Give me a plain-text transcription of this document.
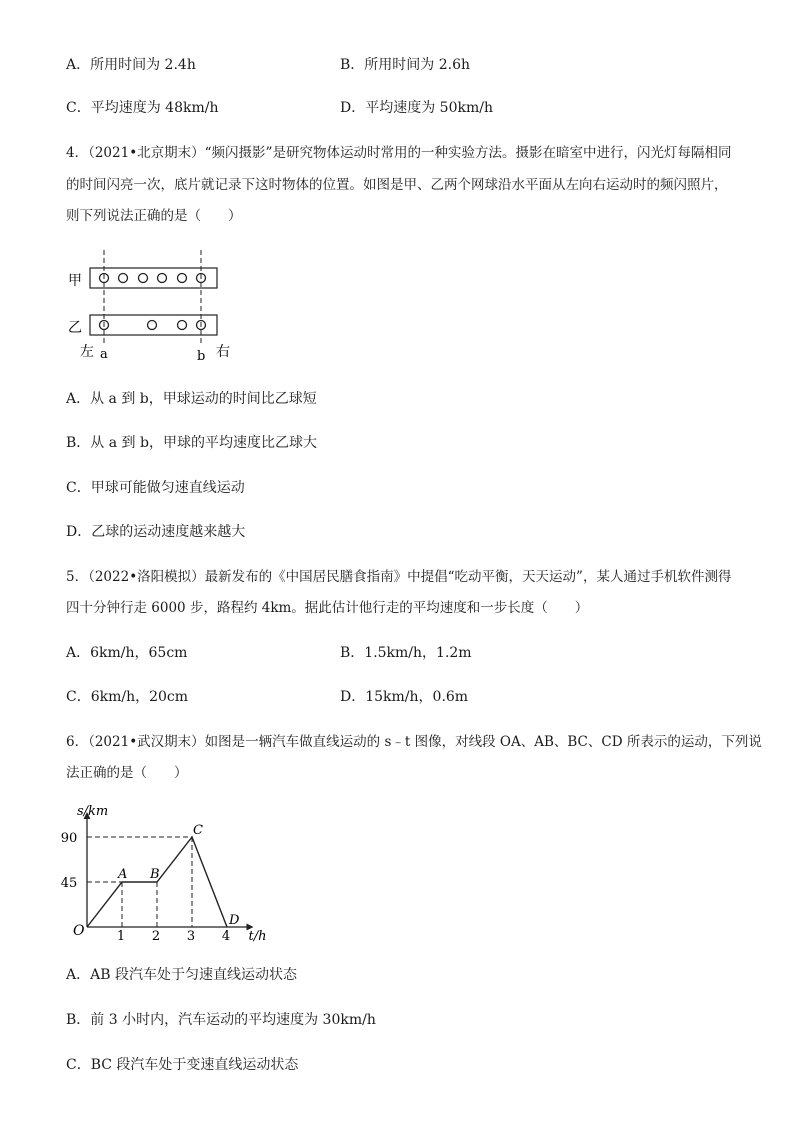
A．所用时间为 2.4h	B．所用时间为 2.6h
C．平均速度为 48km/h	D．平均速度为 50km/h
4．（2021•北京期末）“频闪摄影”是研究物体运动时常用的一种实验方法。摄影在暗室中进行，闪光灯每隔相同
的时间闪亮一次，底片就记录下这时物体的位置。如图是甲、乙两个网球沿水平面从左向右运动时的频闪照片，
则下列说法正确的是（　　）
甲
乙
左 a	b 右
A．从 a 到 b，甲球运动的时间比乙球短
B．从 a 到 b，甲球的平均速度比乙球大
C．甲球可能做匀速直线运动
D．乙球的运动速度越来越大
5．（2022•洛阳模拟）最新发布的《中国居民膳食指南》中提倡“吃动平衡，天天运动”，某人通过手机软件测得
四十分钟行走 6000 步，路程约 4km。据此估计他行走的平均速度和一步长度（　　）
A．6km/h，65cm	B．1.5km/h，1.2m
C．6km/h，20cm	D．15km/h，0.6m
6．（2021•武汉期末）如图是一辆汽车做直线运动的 s﹣t 图像，对线段 OA、AB、BC、CD 所表示的运动，下列说
法正确的是（　　）
s/km
t/h
O
45
90
1 2 3 4
A B
C
D
A．AB 段汽车处于匀速直线运动状态
B．前 3 小时内，汽车运动的平均速度为 30km/h
C．BC 段汽车处于变速直线运动状态
